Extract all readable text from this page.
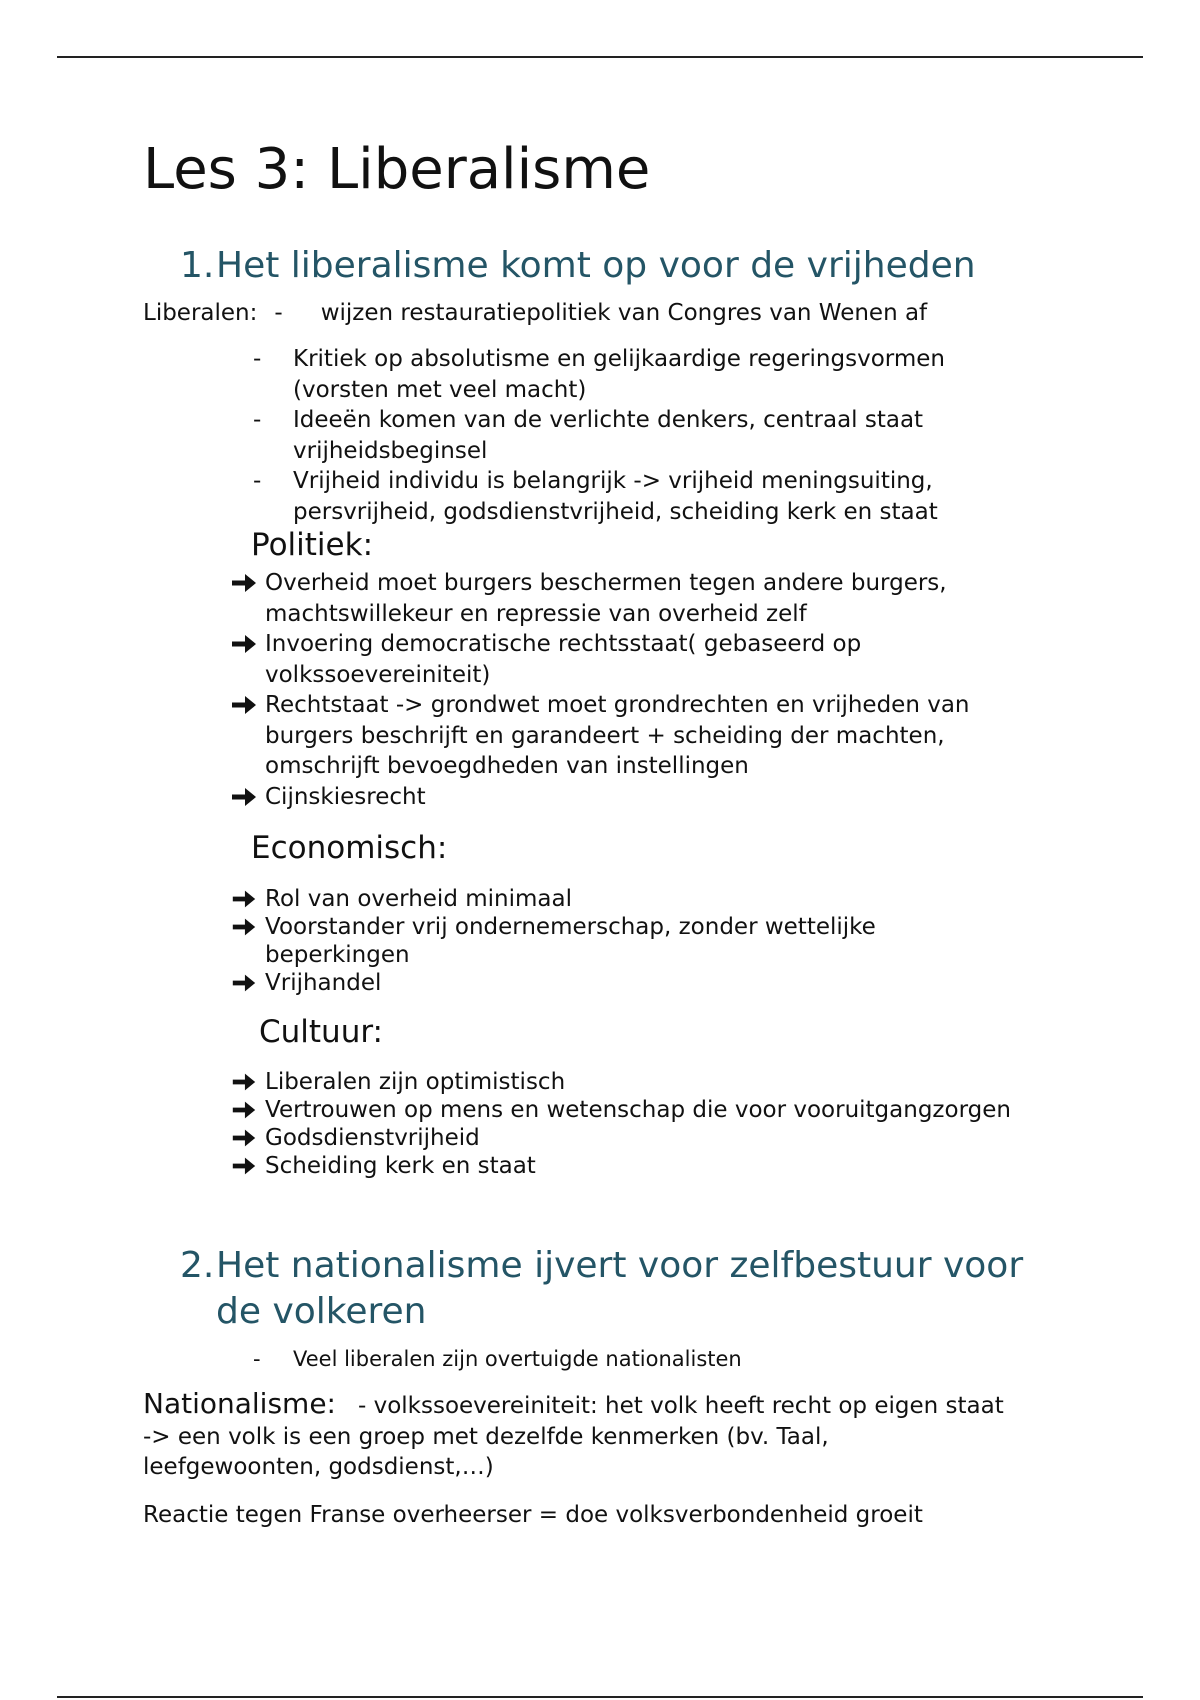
Les 3: Liberalisme
1.Het liberalisme komt op voor de vrijheden
Liberalen: - wijzen restauratiepolitiek van Congres van Wenen af
-	Kritiek op absolutisme en gelijkaardige regeringsvormen
(vorsten met veel macht)
-	Ideeën komen van de verlichte denkers, centraal staat
vrijheidsbeginsel
-	Vrijheid individu is belangrijk -> vrijheid meningsuiting,
persvrijheid, godsdienstvrijheid, scheiding kerk en staat
Politiek:
Overheid moet burgers beschermen tegen andere burgers,
machtswillekeur en repressie van overheid zelf
Invoering democratische rechtsstaat( gebaseerd op
volkssoevereiniteit)
Rechtstaat -> grondwet moet grondrechten en vrijheden van
burgers beschrijft en garandeert + scheiding der machten,
omschrijft bevoegdheden van instellingen
Cijnskiesrecht
Economisch:
Rol van overheid minimaal
Voorstander vrij ondernemerschap, zonder wettelijke
beperkingen
Vrijhandel
Cultuur:
Liberalen zijn optimistisch
Vertrouwen op mens en wetenschap die voor vooruitgangzorgen
Godsdienstvrijheid
Scheiding kerk en staat
2.Het nationalisme ijvert voor zelfbestuur voor
de volkeren
- Veel liberalen zijn overtuigde nationalisten
Nationalisme: - volkssoevereiniteit: het volk heeft recht op eigen staat
-> een volk is een groep met dezelfde kenmerken (bv. Taal,
leefgewoonten, godsdienst,…)
Reactie tegen Franse overheerser = doe volksverbondenheid groeit
